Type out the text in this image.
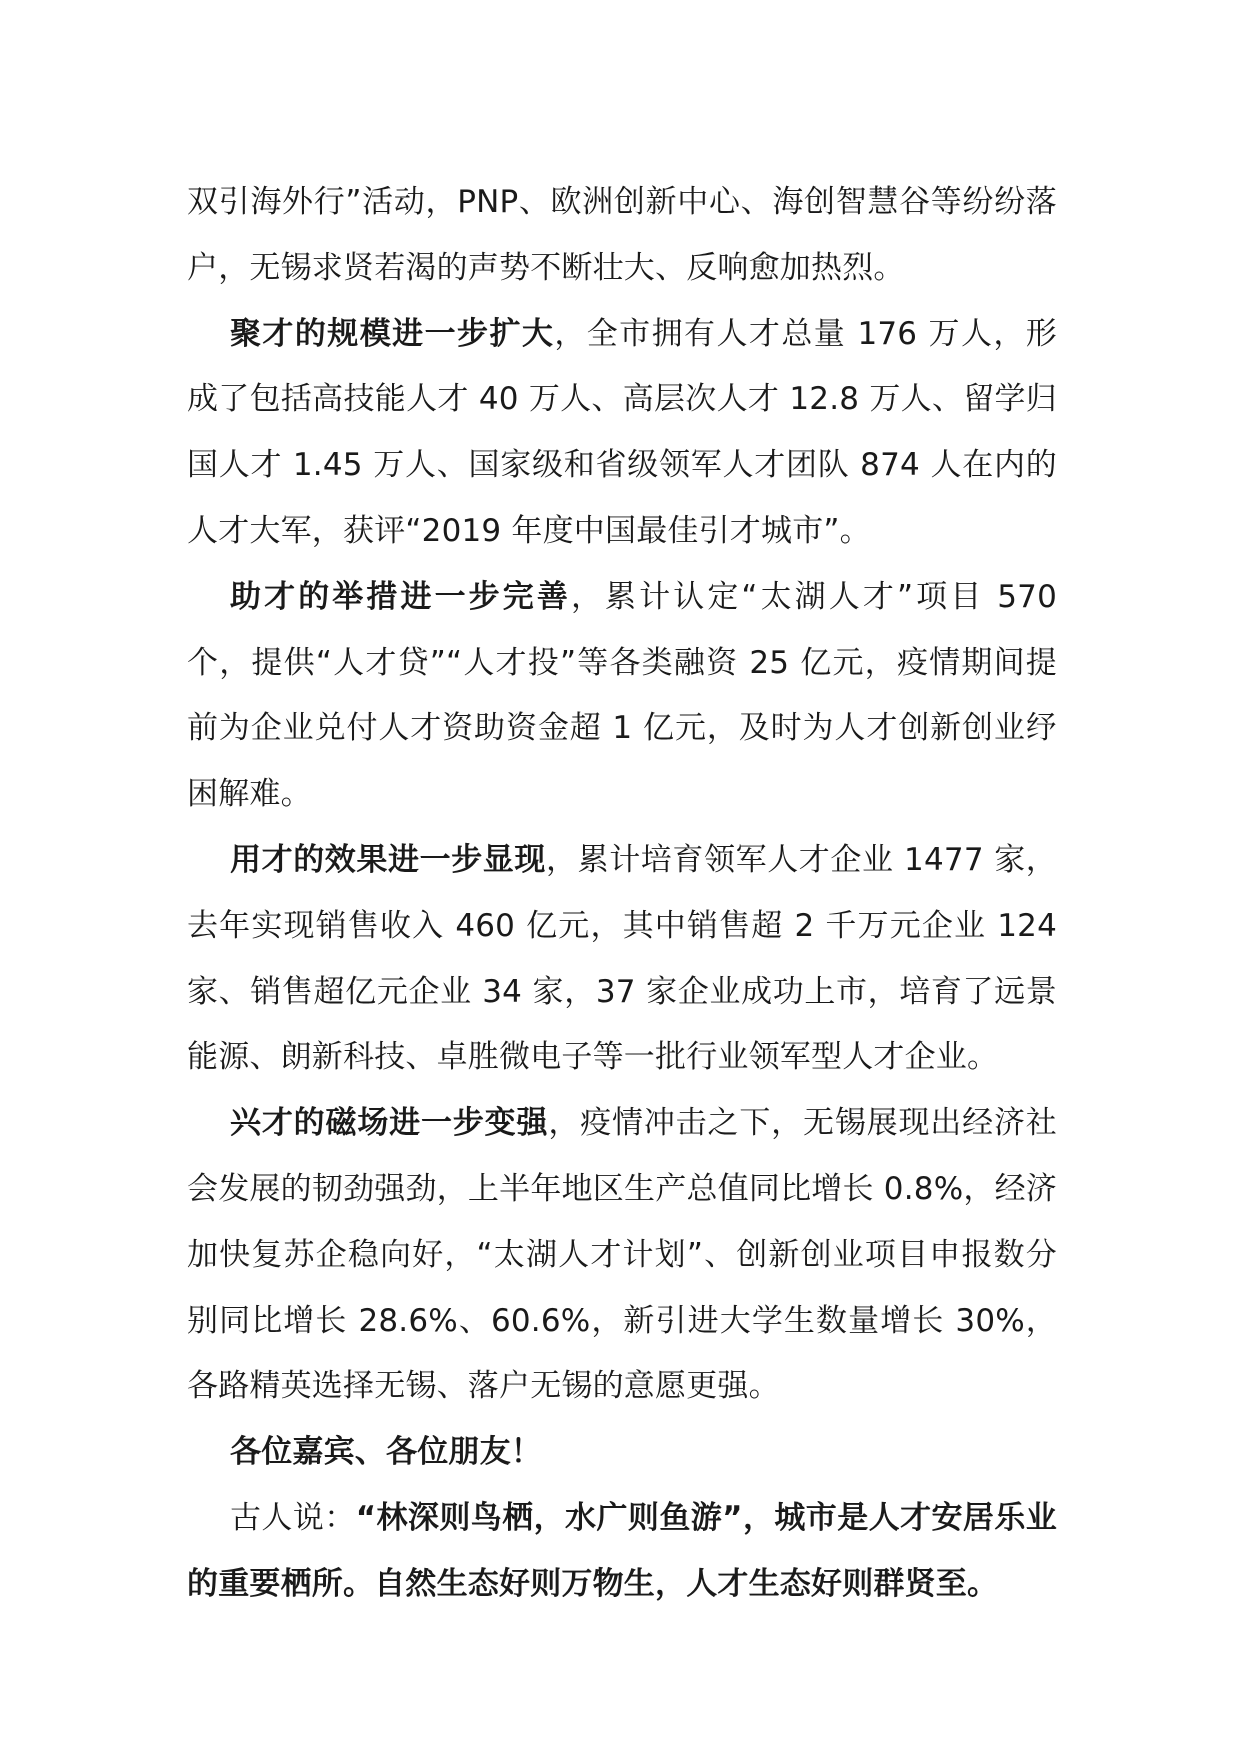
双引海外行”活动，PNP、欧洲创新中心、海创智慧谷等纷纷落户，无锡求贤若渴的声势不断壮大、反响愈加热烈。

聚才的规模进一步扩大，全市拥有人才总量 176 万人，形成了包括高技能人才 40 万人、高层次人才 12.8 万人、留学归国人才 1.45 万人、国家级和省级领军人才团队 874 人在内的人才大军，获评“2019 年度中国最佳引才城市”。

助才的举措进一步完善，累计认定“太湖人才”项目 570 个，提供“人才贷”“人才投”等各类融资 25 亿元，疫情期间提前为企业兑付人才资助资金超 1 亿元，及时为人才创新创业纾困解难。

用才的效果进一步显现，累计培育领军人才企业 1477 家，去年实现销售收入 460 亿元，其中销售超 2 千万元企业 124 家、销售超亿元企业 34 家，37 家企业成功上市，培育了远景能源、朗新科技、卓胜微电子等一批行业领军型人才企业。

兴才的磁场进一步变强，疫情冲击之下，无锡展现出经济社会发展的韧劲强劲，上半年地区生产总值同比增长 0.8%，经济加快复苏企稳向好，“太湖人才计划”、创新创业项目申报数分别同比增长 28.6%、60.6%，新引进大学生数量增长 30%，各路精英选择无锡、落户无锡的意愿更强。

各位嘉宾、各位朋友！

古人说：“林深则鸟栖，水广则鱼游”，城市是人才安居乐业的重要栖所。自然生态好则万物生，人才生态好则群贤至。
